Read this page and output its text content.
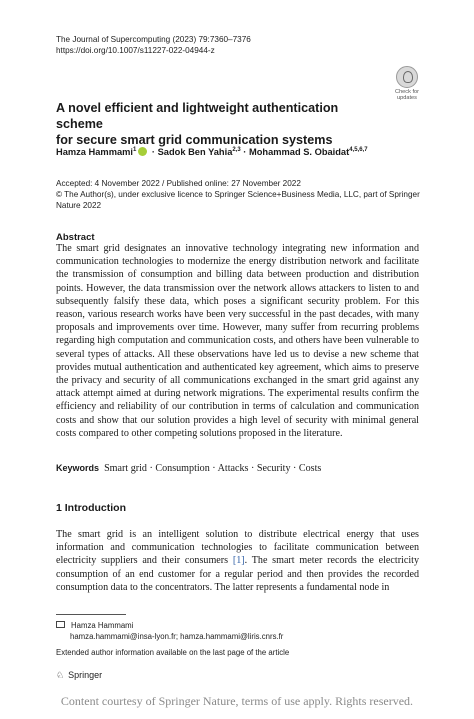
The Journal of Supercomputing (2023) 79:7360–7376
https://doi.org/10.1007/s11227-022-04944-z
Check for
updates
A novel efficient and lightweight authentication scheme
for secure smart grid communication systems
Hamza Hammami$^1$ · Sadok Ben Yahia$^{2,3}$ · Mohammad S. Obaidat$^{4,5,6,7}$
Accepted: 4 November 2022 / Published online: 27 November 2022
© The Author(s), under exclusive licence to Springer Science+Business Media, LLC, part of Springer Nature 2022
Abstract
The smart grid designates an innovative technology integrating new information and communication technologies to modernize the energy distribution network and facilitate the transmission of consumption and billing data between production and distribution points. However, the data transmission over the network allows attackers to listen to and subsequently falsify these data, which poses a significant security problem. For this reason, various research works have been very successful in the past decades, with many proposals and improvements over time. However, many suffer from recurring problems regarding high computation and communication costs, and others have been vulnerable to several types of attacks. All these observations have led us to devise a new scheme that provides mutual authentication and authenticated key agreement, which aims to preserve the privacy and security of all communications exchanged in the smart grid against any attack attempt aimed at during network migrations. The experimental results confirm the efficiency and reliability of our contribution in terms of calculation and communication costs and show that our solution provides a high level of security with minimal general costs compared to other competing solutions proposed in the literature.
Keywords Smart grid · Consumption · Attacks · Security · Costs
1 Introduction
The smart grid is an intelligent solution to distribute electrical energy that uses information and communication technologies to facilitate communication between electricity suppliers and their consumers [1]. The smart meter records the electricity consumption of an end customer for a regular period and then provides the recorded consumption data to the concentrators. The latter represents a fundamental node in
Hamza Hammami
hamza.hammami@insa-lyon.fr; hamza.hammami@liris.cnrs.fr
Extended author information available on the last page of the article
♘ Springer
Content courtesy of Springer Nature, terms of use apply. Rights reserved.
